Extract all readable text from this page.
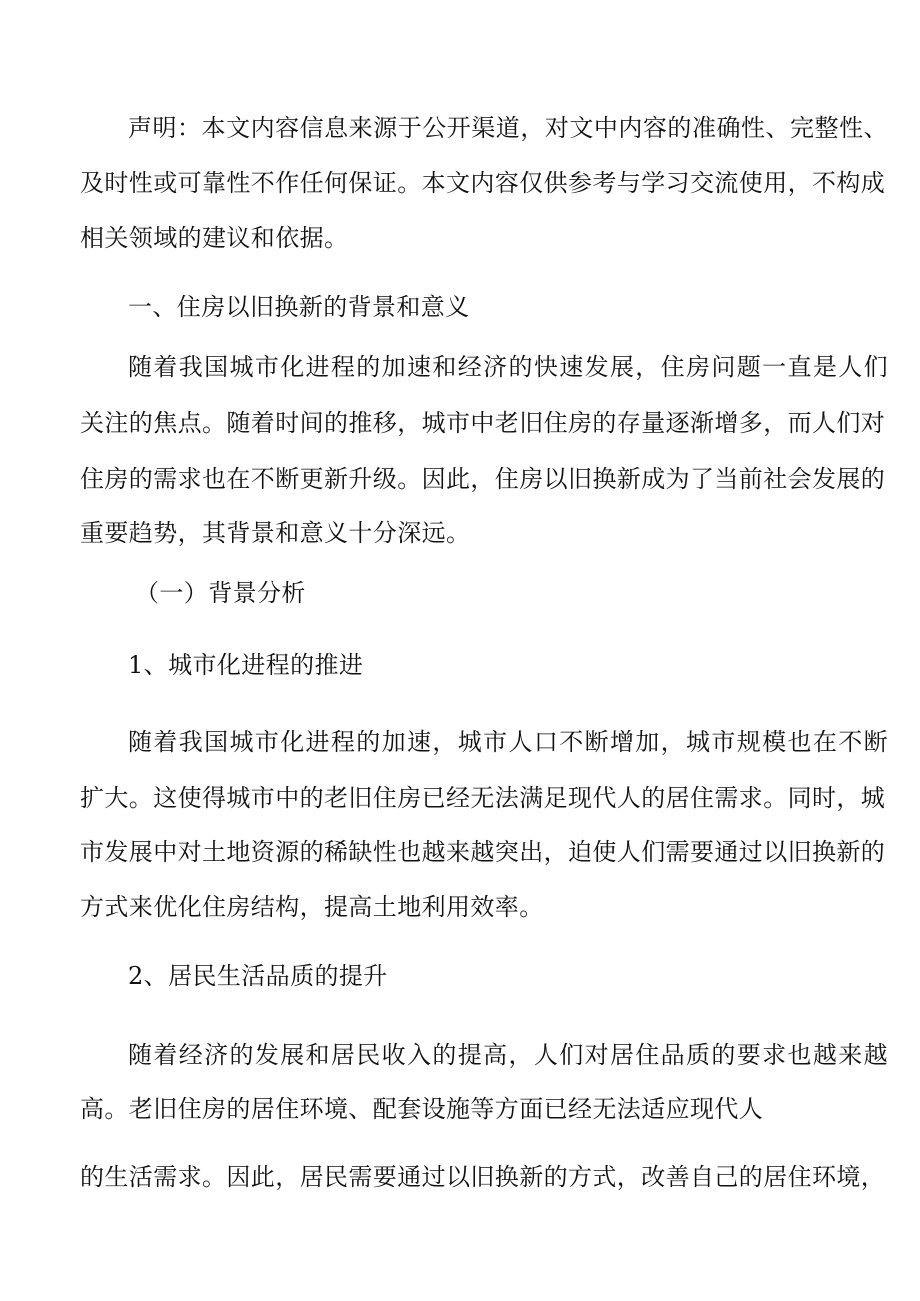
声明：本文内容信息来源于公开渠道，对文中内容的准确性、完整性、
及时性或可靠性不作任何保证。本文内容仅供参考与学习交流使用，不构成
相关领域的建议和依据。
一、住房以旧换新的背景和意义
随着我国城市化进程的加速和经济的快速发展，住房问题一直是人们
关注的焦点。随着时间的推移，城市中老旧住房的存量逐渐增多，而人们对
住房的需求也在不断更新升级。因此，住房以旧换新成为了当前社会发展的
重要趋势，其背景和意义十分深远。
（一）背景分析
1、城市化进程的推进
随着我国城市化进程的加速，城市人口不断增加，城市规模也在不断
扩大。这使得城市中的老旧住房已经无法满足现代人的居住需求。同时，城
市发展中对土地资源的稀缺性也越来越突出，迫使人们需要通过以旧换新的
方式来优化住房结构，提高土地利用效率。
2、居民生活品质的提升
随着经济的发展和居民收入的提高，人们对居住品质的要求也越来越
高。老旧住房的居住环境、配套设施等方面已经无法适应现代人
的生活需求。因此，居民需要通过以旧换新的方式，改善自己的居住环境，
